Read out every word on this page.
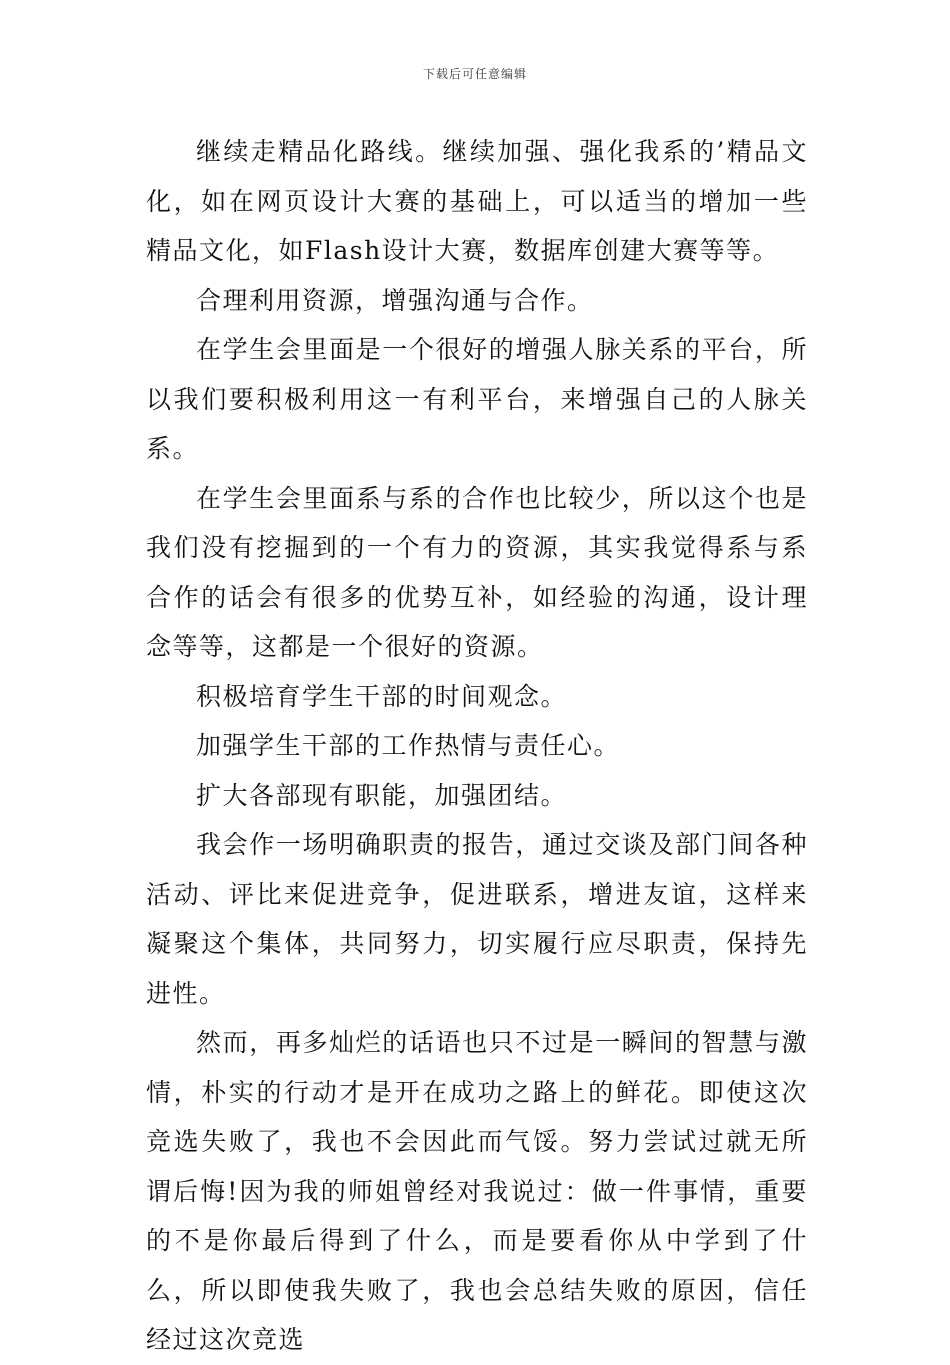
下载后可任意编辑

继续走精品化路线。继续加强、强化我系的’精品文化，如在网页设计大赛的基础上，可以适当的增加一些精品文化，如Flash设计大赛，数据库创建大赛等等。

合理利用资源，增强沟通与合作。

在学生会里面是一个很好的增强人脉关系的平台，所以我们要积极利用这一有利平台，来增强自己的人脉关系。

在学生会里面系与系的合作也比较少，所以这个也是我们没有挖掘到的一个有力的资源，其实我觉得系与系合作的话会有很多的优势互补，如经验的沟通，设计理念等等，这都是一个很好的资源。

积极培育学生干部的时间观念。

加强学生干部的工作热情与责任心。

扩大各部现有职能，加强团结。

我会作一场明确职责的报告，通过交谈及部门间各种活动、评比来促进竞争，促进联系，增进友谊，这样来凝聚这个集体，共同努力，切实履行应尽职责，保持先进性。

然而，再多灿烂的话语也只不过是一瞬间的智慧与激情，朴实的行动才是开在成功之路上的鲜花。即使这次竞选失败了，我也不会因此而气馁。努力尝试过就无所谓后悔!因为我的师姐曾经对我说过：做一件事情，重要的不是你最后得到了什么，而是要看你从中学到了什么，所以即使我失败了，我也会总结失败的原因，信任经过这次竞选
